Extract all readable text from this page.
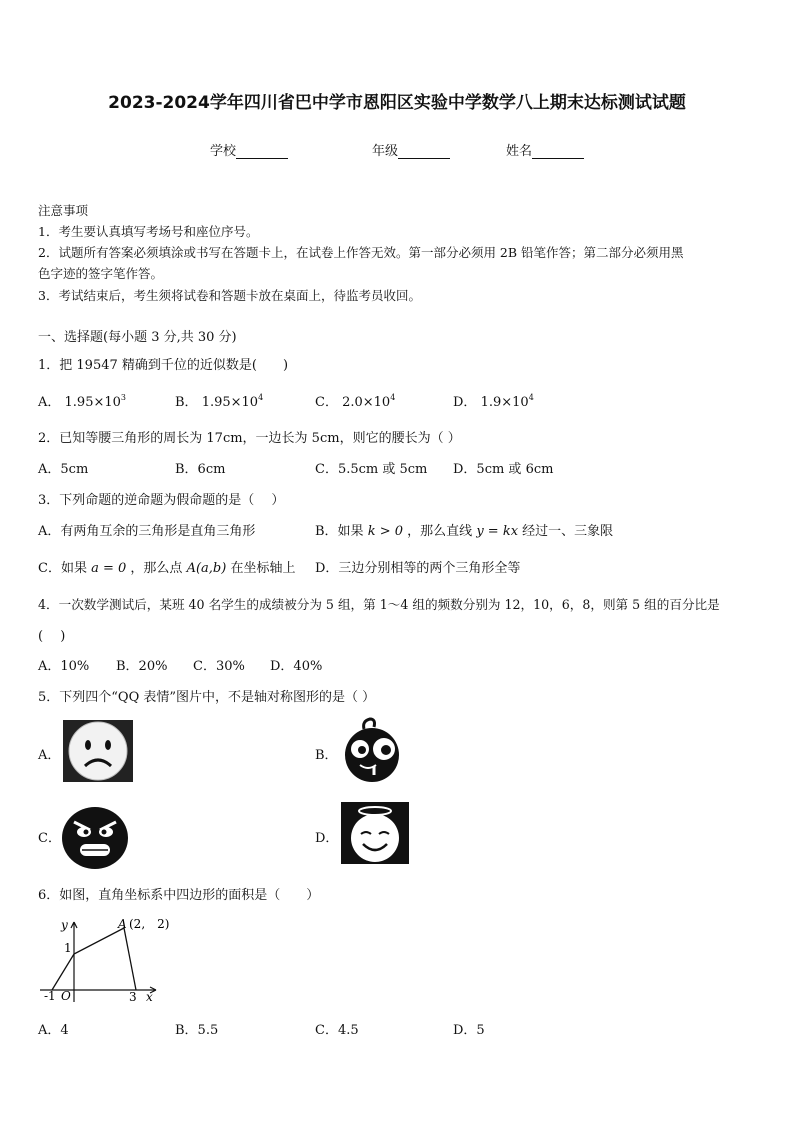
2023-2024学年四川省巴中学市恩阳区实验中学数学八上期末达标测试试题
学校	年级	姓名
注意事项
1．考生要认真填写考场号和座位序号。
2．试题所有答案必须填涂或书写在答题卡上，在试卷上作答无效。第一部分必须用 2B 铅笔作答；第二部分必须用黑
色字迹的签字笔作答。
3．考试结束后，考生须将试卷和答题卡放在桌面上，待监考员收回。
一、选择题(每小题 3 分,共 30 分)
1．把 19547 精确到千位的近似数是(　　)
A． $1.95\times 10^3$	B． $1.95\times 10^4$	C． $2.0\times 10^4$	D． $1.9\times 10^4$
2．已知等腰三角形的周长为 17cm，一边长为 5cm，则它的腰长为（ ）
A．5cm	B．6cm	C．5.5cm 或 5cm D．5cm 或 6cm
3．下列命题的逆命题为假命题的是（　 ）
A．有两角互余的三角形是直角三角形	B．如果 k > 0 ，那么直线 y = kx 经过一、三象限
C．如果 a = 0 ，那么点 A(a,b) 在坐标轴上 D．三边分别相等的两个三角形全等
4．一次数学测试后，某班 40 名学生的成绩被分为 5 组，第 1～4 组的频数分别为 12，10，6，8，则第 5 组的百分比是
(　 )
A．10% B．20% C．30% D．40%
5．下列四个“QQ 表情”图片中，不是轴对称图形的是（ ）
A．	B．
C．	D．
6．如图，直角坐标系中四边形的面积是（　　）
y
1
-1 O	3 x
A (2,　2)
A．4	B．5.5	C．4.5	D．5
